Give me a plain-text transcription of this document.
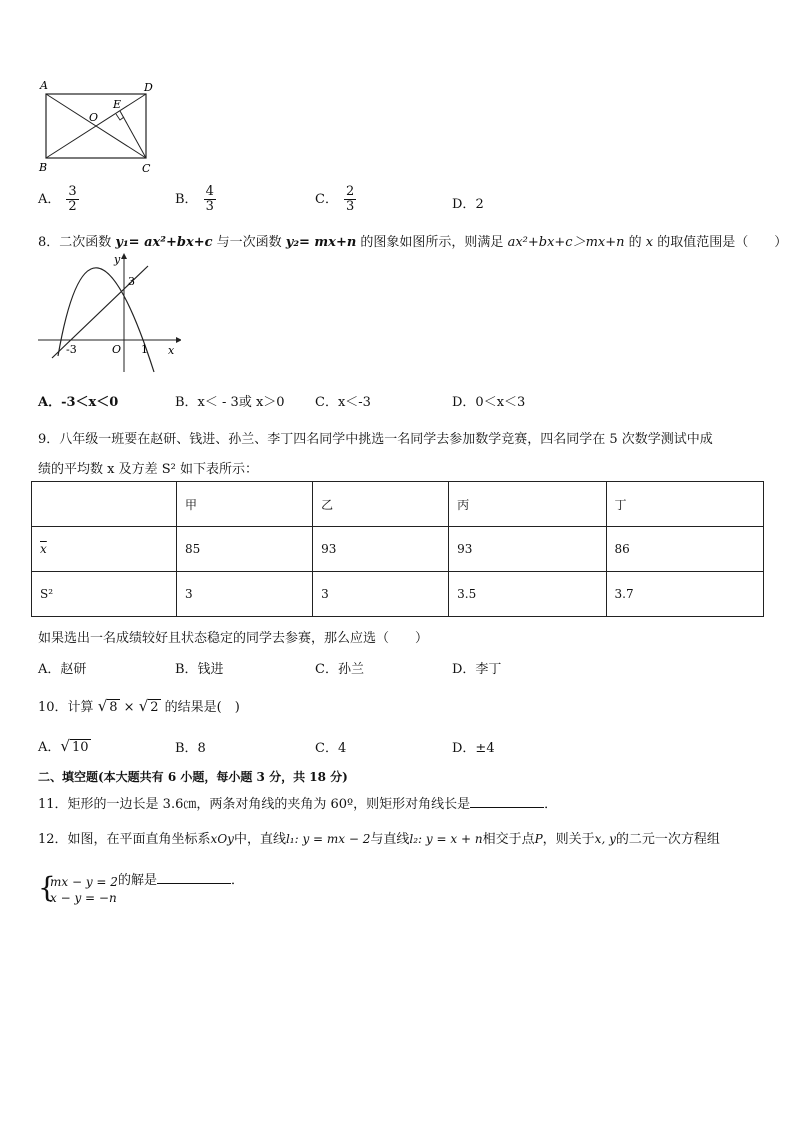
A	D
B	C
O
E
A． $\frac{3}{2}$	B． $\frac{4}{3}$	C． $\frac{2}{3}$	D．2
8．二次函数 y₁= ax²+bx+c 与一次函数 y₂= mx+n 的图象如图所示，则满足 ax²+bx+c＞mx+n 的 x 的取值范围是（　　）
y
3
-3	O 1 x
A．-3＜x＜0	B．x＜ - 3或 x＞0 C．x＜-3	D．0＜x＜3
9．八年级一班要在赵研、钱进、孙兰、李丁四名同学中挑选一名同学去参加数学竞赛，四名同学在 5 次数学测试中成
绩的平均数 x 及方差 S² 如下表所示：
	甲	乙	丙	丁
$\overline{x}$	85	93	93	86
S²	3	3	3.5	3.7
如果选出一名成绩较好且状态稳定的同学去参赛，那么应选（　　）
A．赵研	B．钱进	C．孙兰	D．李丁
10．计算 √ 8 × √ 2 的结果是(　)
A．√ 10	B．8	C．4	D．±4
二、填空题(本大题共有 6 小题，每小题 3 分，共 18 分)
11．矩形的一边长是 3.6㎝，两条对角线的夹角为 60º，则矩形对角线长是	．
12．如图，在平面直角坐标系xOy中，直线l₁: y = mx − 2与直线l₂: y = x + n相交于点P，则关于x, y的二元一次方程组
{
mx − y = 2
x − y = −n
的解是	．
